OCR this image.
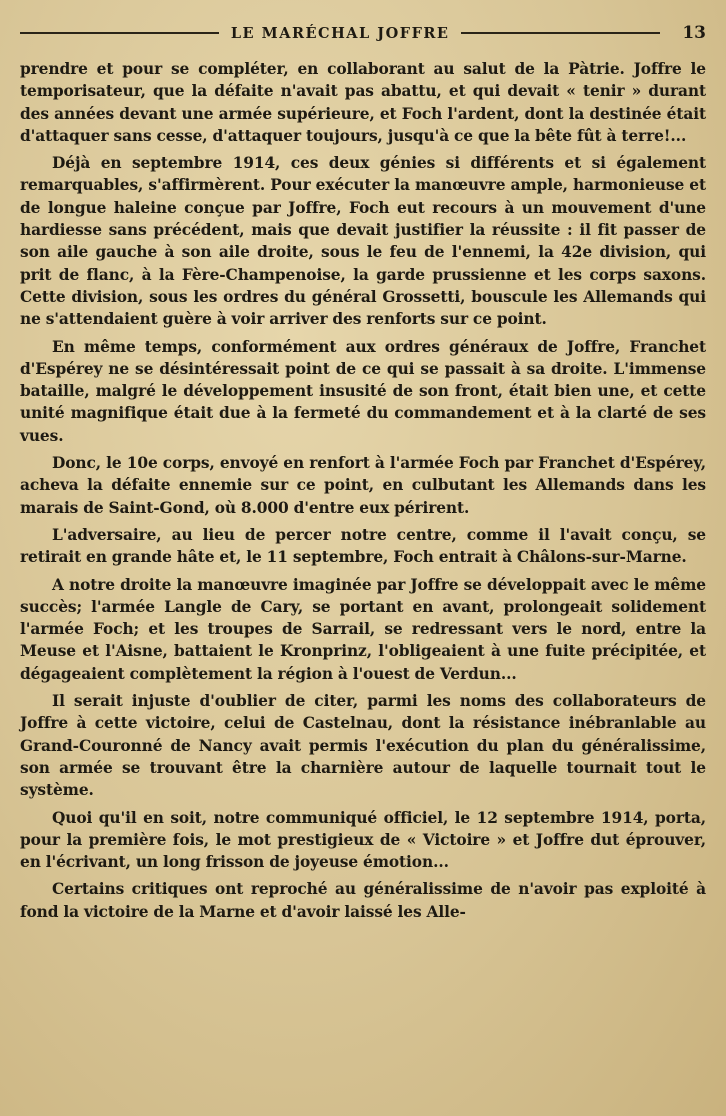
LE MARÉCHAL JOFFRE	13

prendre et pour se compléter, en collaborant au salut de la Pàtrie. Joffre le temporisateur, que la défaite n'avait pas abattu, et qui devait « tenir » durant des années devant une armée supérieure, et Foch l'ardent, dont la destinée était d'attaquer sans cesse, d'attaquer toujours, jusqu'à ce que la bête fût à terre!...

Déjà en septembre 1914, ces deux génies si différents et si également remarquables, s'affirmèrent. Pour exécuter la manœuvre ample, harmonieuse et de longue haleine conçue par Joffre, Foch eut recours à un mouvement d'une hardiesse sans précédent, mais que devait justifier la réussite : il fit passer de son aile gauche à son aile droite, sous le feu de l'ennemi, la 42e division, qui prit de flanc, à la Fère-Champenoise, la garde prussienne et les corps saxons. Cette division, sous les ordres du général Grossetti, bouscule les Allemands qui ne s'attendaient guère à voir arriver des renforts sur ce point.

En même temps, conformément aux ordres généraux de Joffre, Franchet d'Espérey ne se désintéressait point de ce qui se passait à sa droite. L'immense bataille, malgré le développement insusité de son front, était bien une, et cette unité magnifique était due à la fermeté du commandement et à la clarté de ses vues.

Donc, le 10e corps, envoyé en renfort à l'armée Foch par Franchet d'Espérey, acheva la défaite ennemie sur ce point, en culbutant les Allemands dans les marais de Saint-Gond, où 8.000 d'entre eux périrent.

L'adversaire, au lieu de percer notre centre, comme il l'avait conçu, se retirait en grande hâte et, le 11 septembre, Foch entrait à Châlons-sur-Marne.

A notre droite la manœuvre imaginée par Joffre se développait avec le même succès; l'armée Langle de Cary, se portant en avant, prolongeait solidement l'armée Foch; et les troupes de Sarrail, se redressant vers le nord, entre la Meuse et l'Aisne, battaient le Kronprinz, l'obligeaient à une fuite précipitée, et dégageaient complètement la région à l'ouest de Verdun...

Il serait injuste d'oublier de citer, parmi les noms des collaborateurs de Joffre à cette victoire, celui de Castelnau, dont la résistance inébranlable au Grand-Couronné de Nancy avait permis l'exécution du plan du généralissime, son armée se trouvant être la charnière autour de laquelle tournait tout le système.

Quoi qu'il en soit, notre communiqué officiel, le 12 septembre 1914, porta, pour la première fois, le mot prestigieux de « Victoire » et Joffre dut éprouver, en l'écrivant, un long frisson de joyeuse émotion...

Certains critiques ont reproché au généralissime de n'avoir pas exploité à fond la victoire de la Marne et d'avoir laissé les Alle-
